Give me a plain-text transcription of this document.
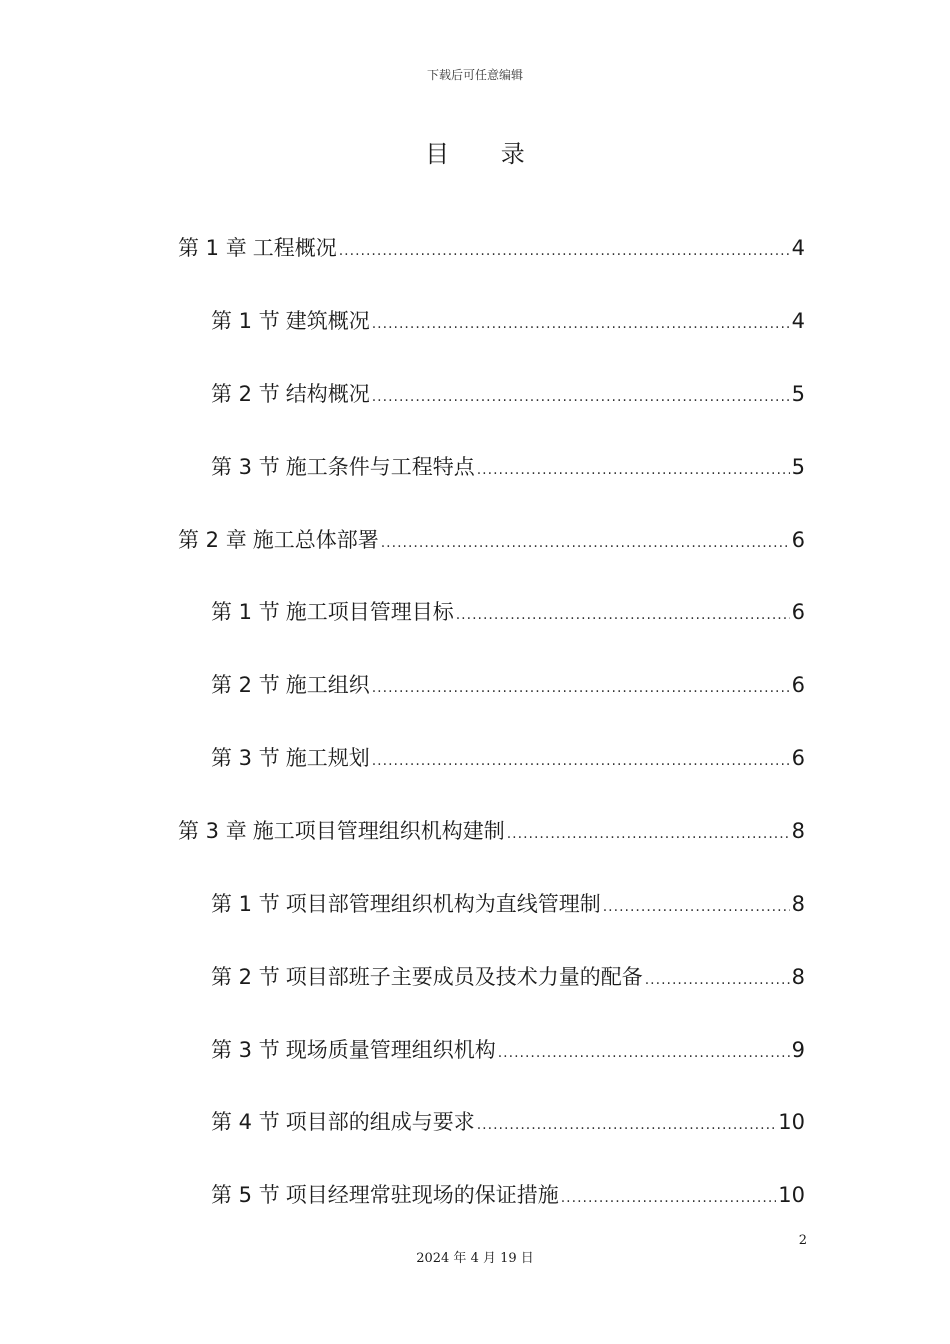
下载后可任意编辑
目 录
第 1 章 工程概况 .....	4
第 1 节 建筑概况 .....	4
第 2 节 结构概况 .....	5
第 3 节 施工条件与工程特点 .....	5
第 2 章 施工总体部署 .....	6
第 1 节 施工项目管理目标 .....	6
第 2 节 施工组织 .....	6
第 3 节 施工规划 .....	6
第 3 章 施工项目管理组织机构建制 .....	8
第 1 节 项目部管理组织机构为直线管理制 .....	8
第 2 节 项目部班子主要成员及技术力量的配备 .....	8
第 3 节 现场质量管理组织机构 .....	9
第 4 节 项目部的组成与要求 .....	10
第 5 节 项目经理常驻现场的保证措施 .....	10
2
2024 年 4 月 19 日
